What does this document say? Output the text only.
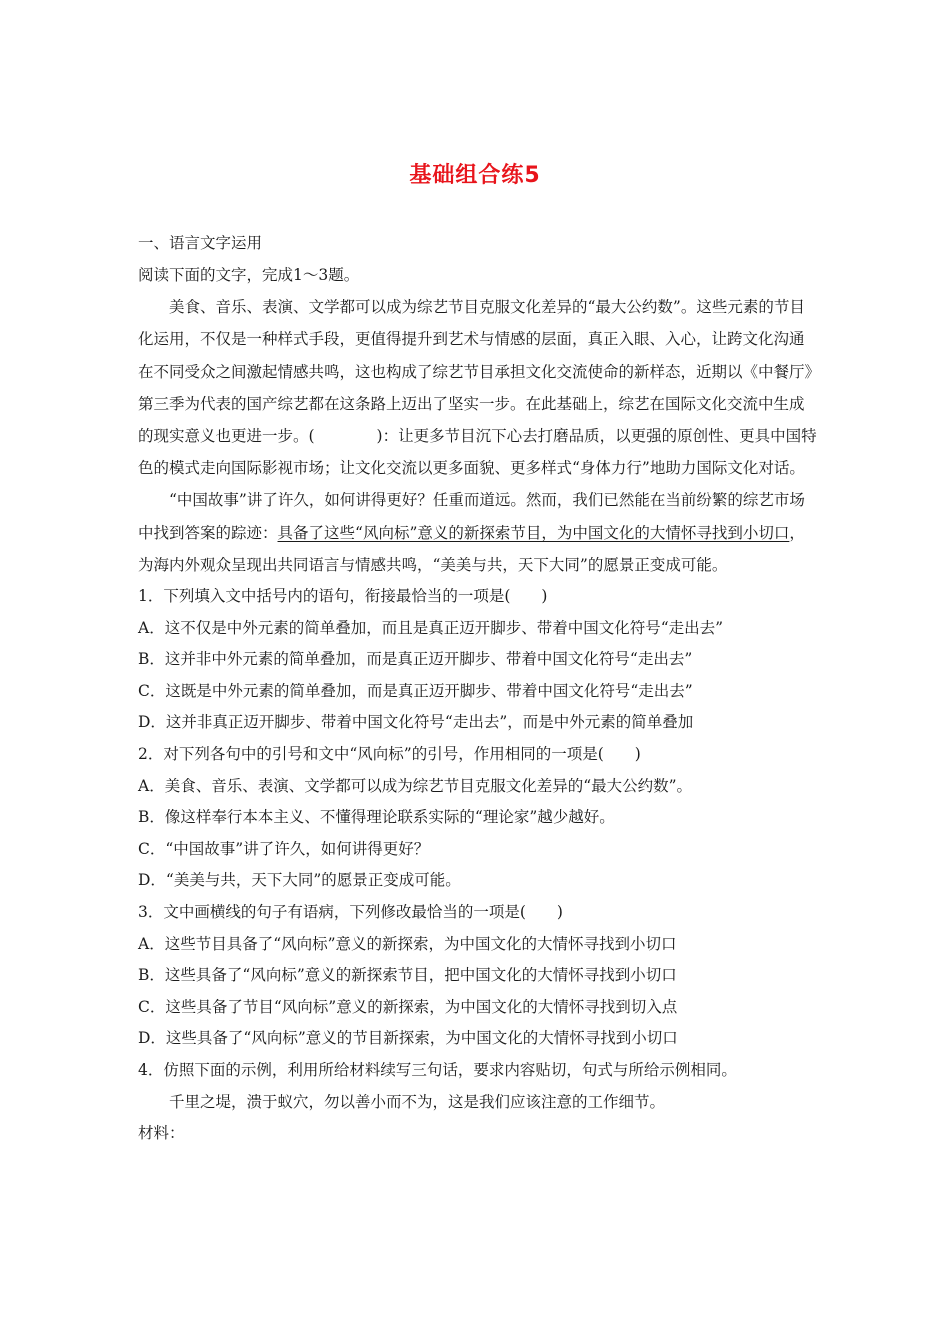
基础组合练5

一、语言文字运用

阅读下面的文字，完成1～3题。

美食、音乐、表演、文学都可以成为综艺节目克服文化差异的“最大公约数”。这些元素的节目化运用，不仅是一种样式手段，更值得提升到艺术与情感的层面，真正入眼、入心，让跨文化沟通在不同受众之间激起情感共鸣，这也构成了综艺节目承担文化交流使命的新样态，近期以《中餐厅》第三季为代表的国产综艺都在这条路上迈出了坚实一步。在此基础上，综艺在国际文化交流中生成的现实意义也更进一步。(　　　　)：让更多节目沉下心去打磨品质，以更强的原创性、更具中国特色的模式走向国际影视市场；让文化交流以更多面貌、更多样式“身体力行”地助力国际文化对话。

“中国故事”讲了许久，如何讲得更好？任重而道远。然而，我们已然能在当前纷繁的综艺市场中找到答案的踪迹：具备了这些“风向标”意义的新探索节目，为中国文化的大情怀寻找到小切口，为海内外观众呈现出共同语言与情感共鸣，“美美与共，天下大同”的愿景正变成可能。

1．下列填入文中括号内的语句，衔接最恰当的一项是(　　)

A．这不仅是中外元素的简单叠加，而且是真正迈开脚步、带着中国文化符号“走出去”

B．这并非中外元素的简单叠加，而是真正迈开脚步、带着中国文化符号“走出去”

C．这既是中外元素的简单叠加，而是真正迈开脚步、带着中国文化符号“走出去”

D．这并非真正迈开脚步、带着中国文化符号“走出去”，而是中外元素的简单叠加

2．对下列各句中的引号和文中“风向标”的引号，作用相同的一项是(　　)

A．美食、音乐、表演、文学都可以成为综艺节目克服文化差异的“最大公约数”。

B．像这样奉行本本主义、不懂得理论联系实际的“理论家”越少越好。

C．“中国故事”讲了许久，如何讲得更好？

D．“美美与共，天下大同”的愿景正变成可能。

3．文中画横线的句子有语病，下列修改最恰当的一项是(　　)

A．这些节目具备了“风向标”意义的新探索，为中国文化的大情怀寻找到小切口

B．这些具备了“风向标”意义的新探索节目，把中国文化的大情怀寻找到小切口

C．这些具备了节目“风向标”意义的新探索，为中国文化的大情怀寻找到切入点

D．这些具备了“风向标”意义的节目新探索，为中国文化的大情怀寻找到小切口

4．仿照下面的示例，利用所给材料续写三句话，要求内容贴切，句式与所给示例相同。

千里之堤，溃于蚁穴，勿以善小而不为，这是我们应该注意的工作细节。

材料：
